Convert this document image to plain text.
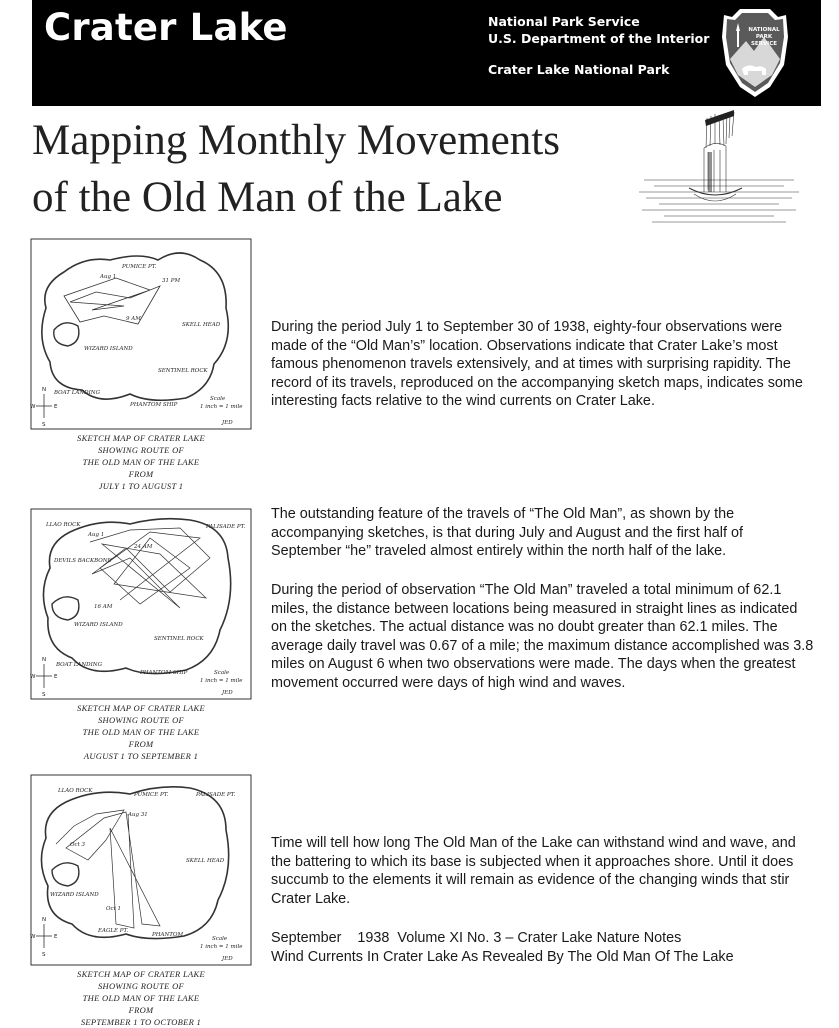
Crater Lake	National Park Service
U.S. Department of the Interior
Crater Lake National Park
NATIONAL
PARK
SERVICE
Mapping Monthly Movements
of the Old Man of the Lake
PUMICE PT.
SKELL HEAD
WIZARD ISLAND
SENTINEL ROCK
BOAT LANDING
PHANTOM SHIP
Aug 1
31 PM
9 AM
Scale
1 inch = 1 mile
JED
N
S
E
W
SKETCH MAP OF CRATER LAKE
SHOWING ROUTE OF
THE OLD MAN OF THE LAKE
FROM
JULY 1 TO AUGUST 1
LLAO ROCK	PALISADE PT.
DEVILS BACKBONE
WIZARD ISLAND
SENTINEL ROCK
BOAT LANDING
PHANTOM SHIP
Aug 1
24 AM
16 AM
Scale
1 inch = 1 mile
JED
N
S
E
W
SKETCH MAP OF CRATER LAKE
SHOWING ROUTE OF
THE OLD MAN OF THE LAKE
FROM
AUGUST 1 TO SEPTEMBER 1
LLAO ROCK
PUMICE PT.	PALISADE PT.
SKELL HEAD
WIZARD ISLAND
PHANTOM
EAGLE PT.
Aug 31
Oct 1
Oct 3
Scale
1 inch = 1 mile
JED
N
S
E
W
SKETCH MAP OF CRATER LAKE
SHOWING ROUTE OF
THE OLD MAN OF THE LAKE
FROM
SEPTEMBER 1 TO OCTOBER 1

During the period July 1 to September 30 of 1938, eighty-four observations were made of the “Old Man’s” location. Observations indicate that Crater Lake’s most famous phenomenon travels extensively, and at times with surprising rapidity. The record of its travels, reproduced on the accompanying sketch maps, indicates some interesting facts relative to the wind currents on Crater Lake.

The outstanding feature of the travels of “The Old Man”, as shown by the accompanying sketches, is that during July and August and the first half of September “he” traveled almost entirely within the north half of the lake.

During the period of observation “The Old Man” traveled a total minimum of 62.1 miles, the distance between locations being measured in straight lines as indicated on the sketches. The actual distance was no doubt greater than 62.1 miles. The average daily travel was 0.67 of a mile; the maximum distance accomplished was 3.8 miles on August 6 when two observations were made. The days when the greatest movement occurred were days of high wind and waves.

Time will tell how long The Old Man of the Lake can withstand wind and wave, and the battering to which its base is subjected when it approaches shore. Until it does succumb to the elements it will remain as evidence of the changing winds that stir Crater Lake.

September    1938  Volume XI No. 3 – Crater Lake Nature Notes
Wind Currents In Crater Lake As Revealed By The Old Man Of The Lake
